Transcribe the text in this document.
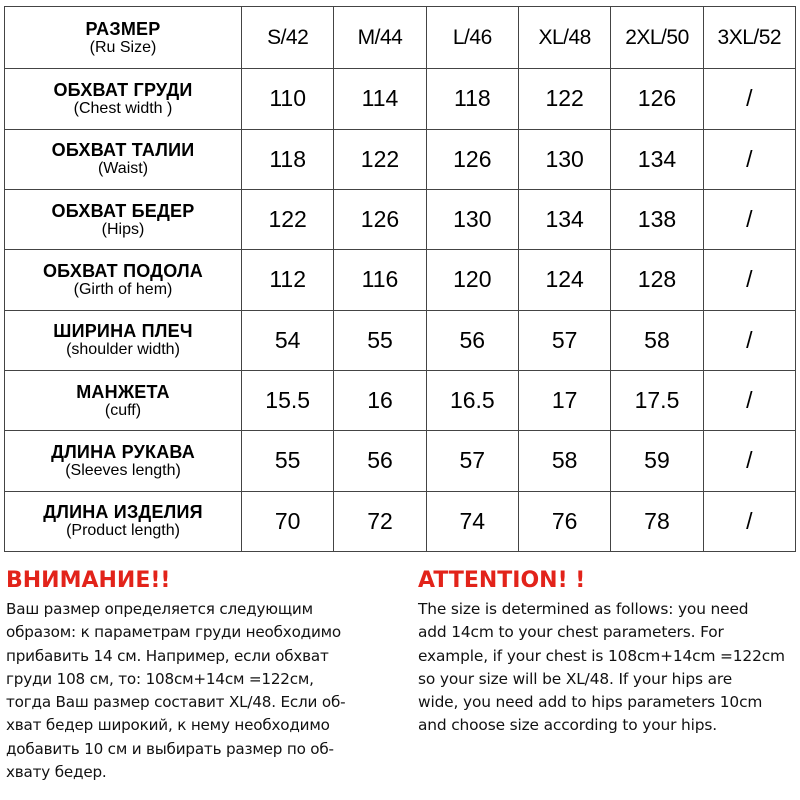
РАЗМЕР
(Ru Size)	S/42	M/44	L/46	XL/48	2XL/50	3XL/52

ОБХВАТ ГРУДИ
(Chest width )	110	114	118	122	126	/

ОБХВАТ ТАЛИИ
(Waist)	118	122	126	130	134	/

ОБХВАТ БЕДЕР
(Hips)	122	126	130	134	138	/

ОБХВАТ ПОДОЛА
(Girth of hem)	112	116	120	124	128	/

ШИРИНА ПЛЕЧ
(shoulder width)	54	55	56	57	58	/

МАНЖЕТА
(cuff)	15.5	16	16.5	17	17.5	/

ДЛИНА РУКАВА
(Sleeves length)	55	56	57	58	59	/

ДЛИНА ИЗДЕЛИЯ
(Product length)	70	72	74	76	78	/

ВНИМАНИЕ!!

Ваш размер определяется следующим
образом: к параметрам груди необходимо
прибавить 14 см. Например, если обхват
груди 108 см, то: 108см+14см =122см,
тогда Ваш размер составит XL/48. Если об-
хват бедер широкий, к нему необходимо
добавить 10 см и выбирать размер по об-
хвату бедер.

ATTENTION! !

The size is determined as follows: you need
add 14cm to your chest parameters. For
example, if your chest is 108cm+14cm =122cm
so your size will be XL/48. If your hips are
wide, you need add to hips parameters 10cm
and choose size according to your hips.
